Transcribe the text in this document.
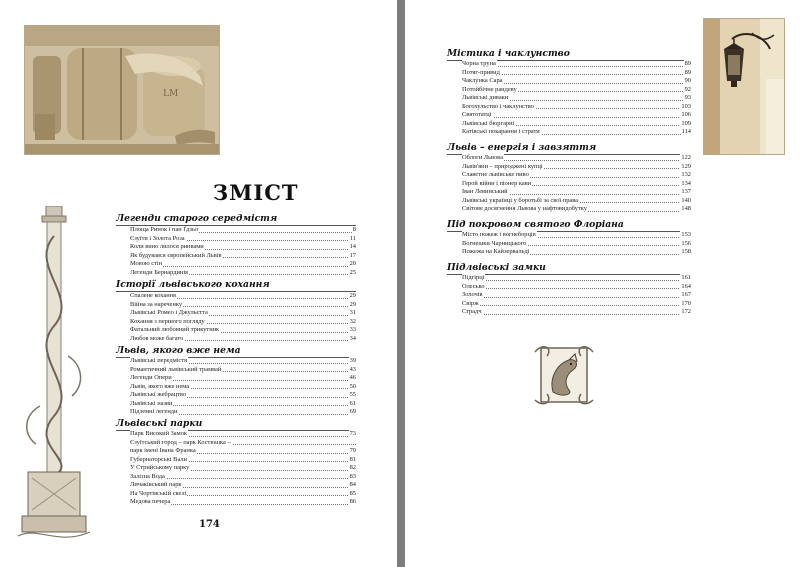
LM
ЗМІСТ
Легенди старого середмістя
Площа Ринок і пан Ґдзьо	8
Єзуїти і Золота Роза	11
Коли вино лилося ринвами	14
Як будувався європейський Львів	17
Мовою стін	20
Легенди Бернардинів	25
Історії львівського кохання
Спалене кохання	29
Війна за нареченку	29
Львівські Ромео і Джульєтта	31
Кохання з першого погляду	32
Фатальний любовний трикутник	33
Любов може багато	34
Львів, якого вже нема
Львівські передмістя	39
Романтичний львівський трамвай	43
Легенди Опери	46
Львів, якого вже нема	50
Львівські жебрацтво	55
Львівські назви	61
Підземні легенди	69
Львівські парки
Парк Високий Замок	73
Єзуїтський город – парк Костюшка –
парк імені Івана Франка	79
Губернаторські Вали	81
У Стрийському парку	82
Залізна Вода	83
Личаківський парк	84
На Чортівській скелі	85
Медова печера	86
174
Містика і чаклунство
Чорна труна	89
Потяг-привид	89
Чаклунка Сара	90
Потойбічне рандеву	92
Львівські диваки	93
Богохульство і чаклунство	103
Святотатці	106
Львівські бюргарні	109
Катівські покарання і страти	114
Львів – енергія і завзяття
Облоги Львова	122
Львів'яни – природжені купці	129
Славетне львівське пиво	132
Герой війни і піонер кави	134
Іван Левинський	137
Львівські українці у боротьбі за свої права	140
Світове досягнення Львова у нафтовидобутку	148
Під покровом святого Флоріана
Місто пожеж і вогнеборців	153
Вогнешки Чарницького	156
Пожежа на Кайзервальді	158
Підлвівські замки
Підгірці	161
Олесько	164
Золочів	167
Свірж	170
Страдч	172
